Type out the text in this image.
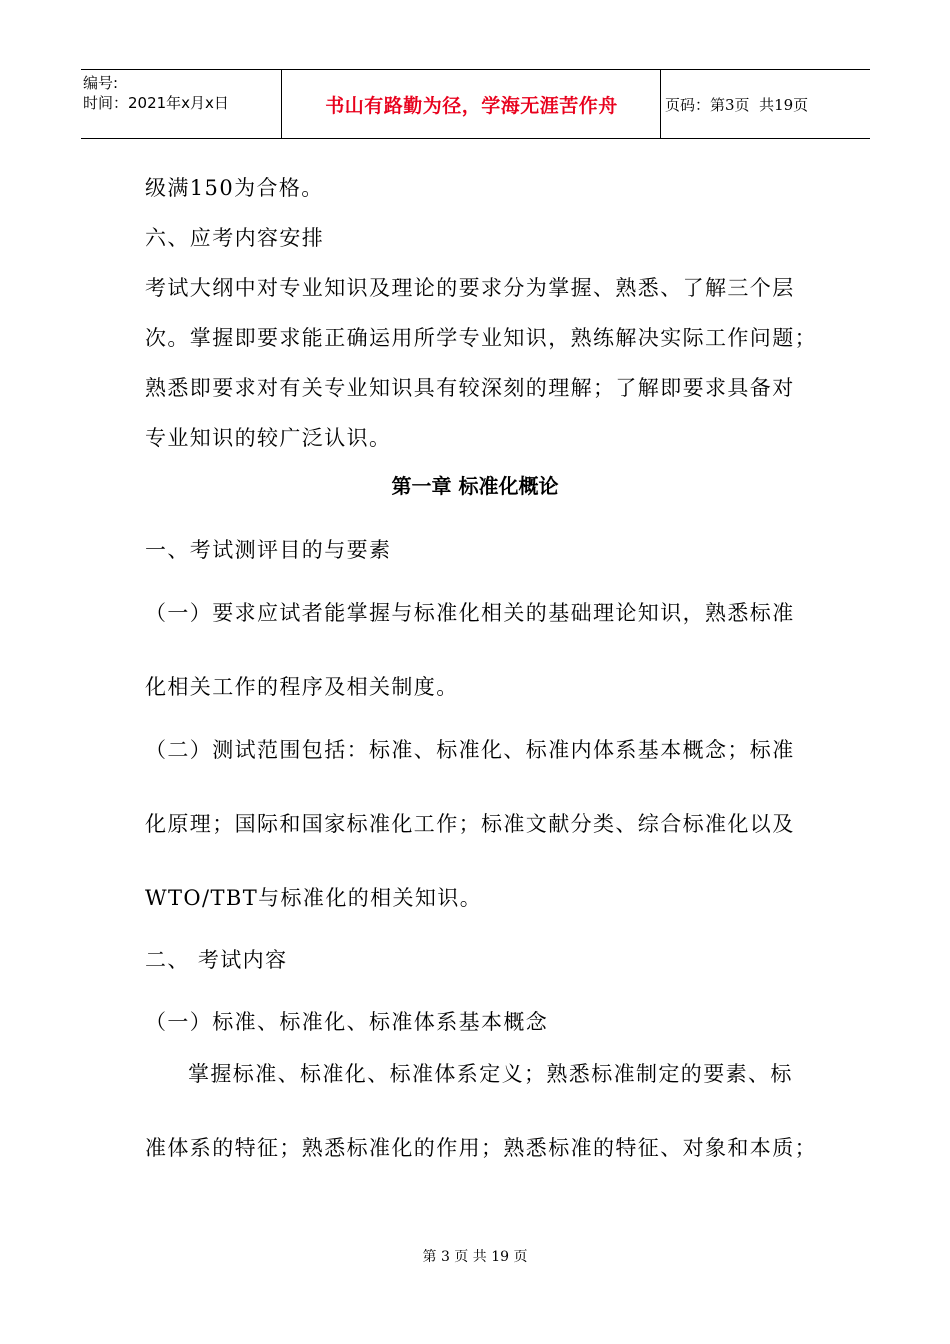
编号:
时间：2021年x月x日	书山有路勤为径，学海无涯苦作舟	页码：第3页  共19页
级满150为合格。
六、应考内容安排
考试大纲中对专业知识及理论的要求分为掌握、熟悉、了解三个层
次。掌握即要求能正确运用所学专业知识，熟练解决实际工作问题；
熟悉即要求对有关专业知识具有较深刻的理解；了解即要求具备对
专业知识的较广泛认识。
第一章 标准化概论
一、考试测评目的与要素
（一）要求应试者能掌握与标准化相关的基础理论知识，熟悉标准
化相关工作的程序及相关制度。
（二）测试范围包括：标准、标准化、标准内体系基本概念；标准
化原理；国际和国家标准化工作；标准文献分类、综合标准化以及
WTO/TBT与标准化的相关知识。
二、 考试内容
（一）标准、标准化、标准体系基本概念
掌握标准、标准化、标准体系定义；熟悉标准制定的要素、标
准体系的特征；熟悉标准化的作用；熟悉标准的特征、对象和本质；
第 3 页 共 19 页
